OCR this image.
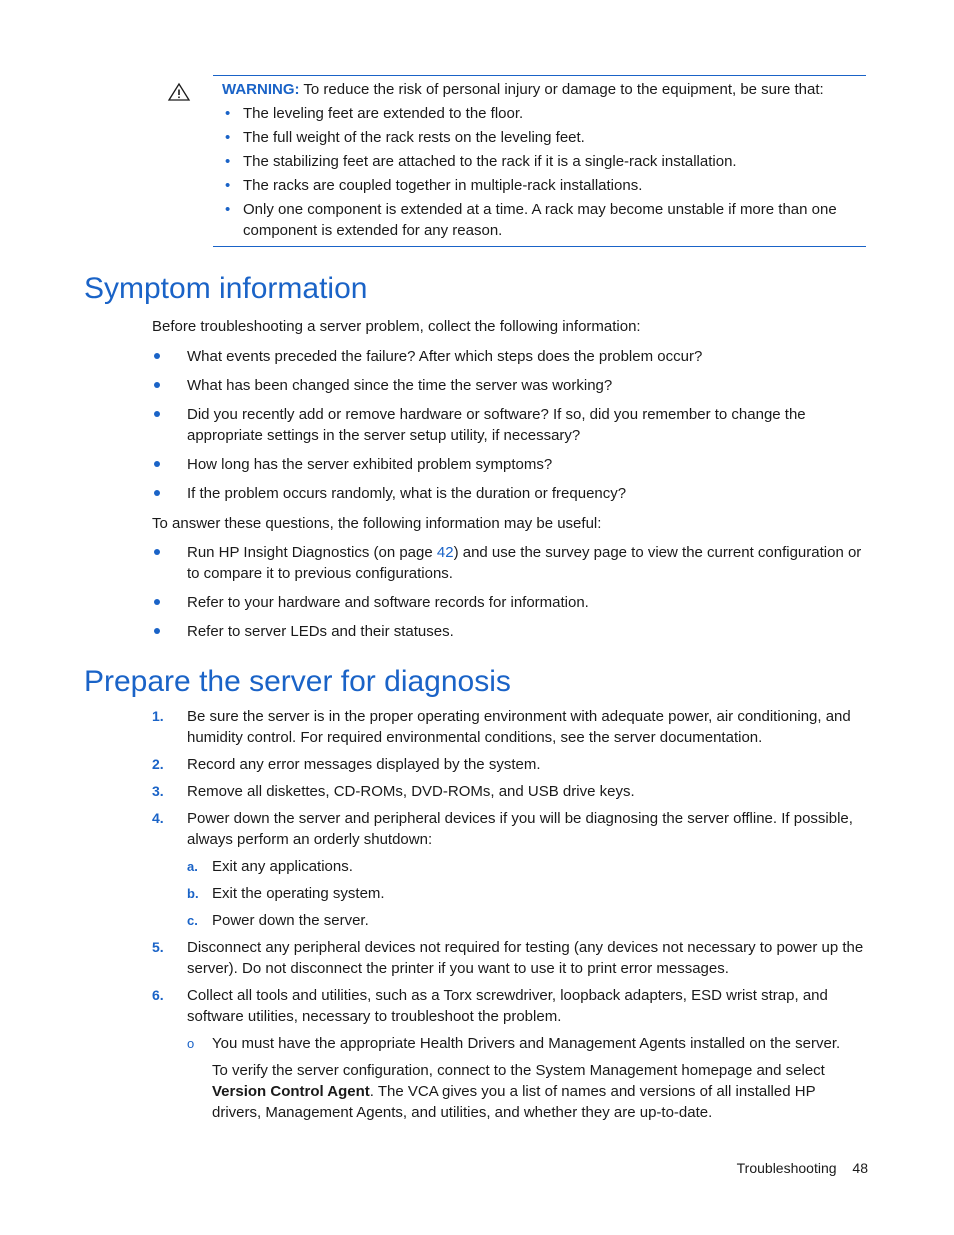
WARNING: To reduce the risk of personal injury or damage to the equipment, be sure that:
• The leveling feet are extended to the floor.
• The full weight of the rack rests on the leveling feet.
• The stabilizing feet are attached to the rack if it is a single-rack installation.
• The racks are coupled together in multiple-rack installations.
• Only one component is extended at a time. A rack may become unstable if more than one component is extended for any reason.
Symptom information

Before troubleshooting a server problem, collect the following information:

What events preceded the failure? After which steps does the problem occur?
What has been changed since the time the server was working?
Did you recently add or remove hardware or software? If so, did you remember to change the appropriate settings in the server setup utility, if necessary?
How long has the server exhibited problem symptoms?
If the problem occurs randomly, what is the duration or frequency?

To answer these questions, the following information may be useful:

Run HP Insight Diagnostics (on page 42) and use the survey page to view the current configuration or to compare it to previous configurations.
Refer to your hardware and software records for information.
Refer to server LEDs and their statuses.
Prepare the server for diagnosis
1. Be sure the server is in the proper operating environment with adequate power, air conditioning, and humidity control. For required environmental conditions, see the server documentation.
2. Record any error messages displayed by the system.
3. Remove all diskettes, CD-ROMs, DVD-ROMs, and USB drive keys.
4. Power down the server and peripheral devices if you will be diagnosing the server offline. If possible, always perform an orderly shutdown:
a. Exit any applications.
b. Exit the operating system.
c. Power down the server.
5. Disconnect any peripheral devices not required for testing (any devices not necessary to power up the server). Do not disconnect the printer if you want to use it to print error messages.
6. Collect all tools and utilities, such as a Torx screwdriver, loopback adapters, ESD wrist strap, and software utilities, necessary to troubleshoot the problem.
o You must have the appropriate Health Drivers and Management Agents installed on the server.
To verify the server configuration, connect to the System Management homepage and select Version Control Agent. The VCA gives you a list of names and versions of all installed HP drivers, Management Agents, and utilities, and whether they are up-to-date.
Troubleshooting 48
